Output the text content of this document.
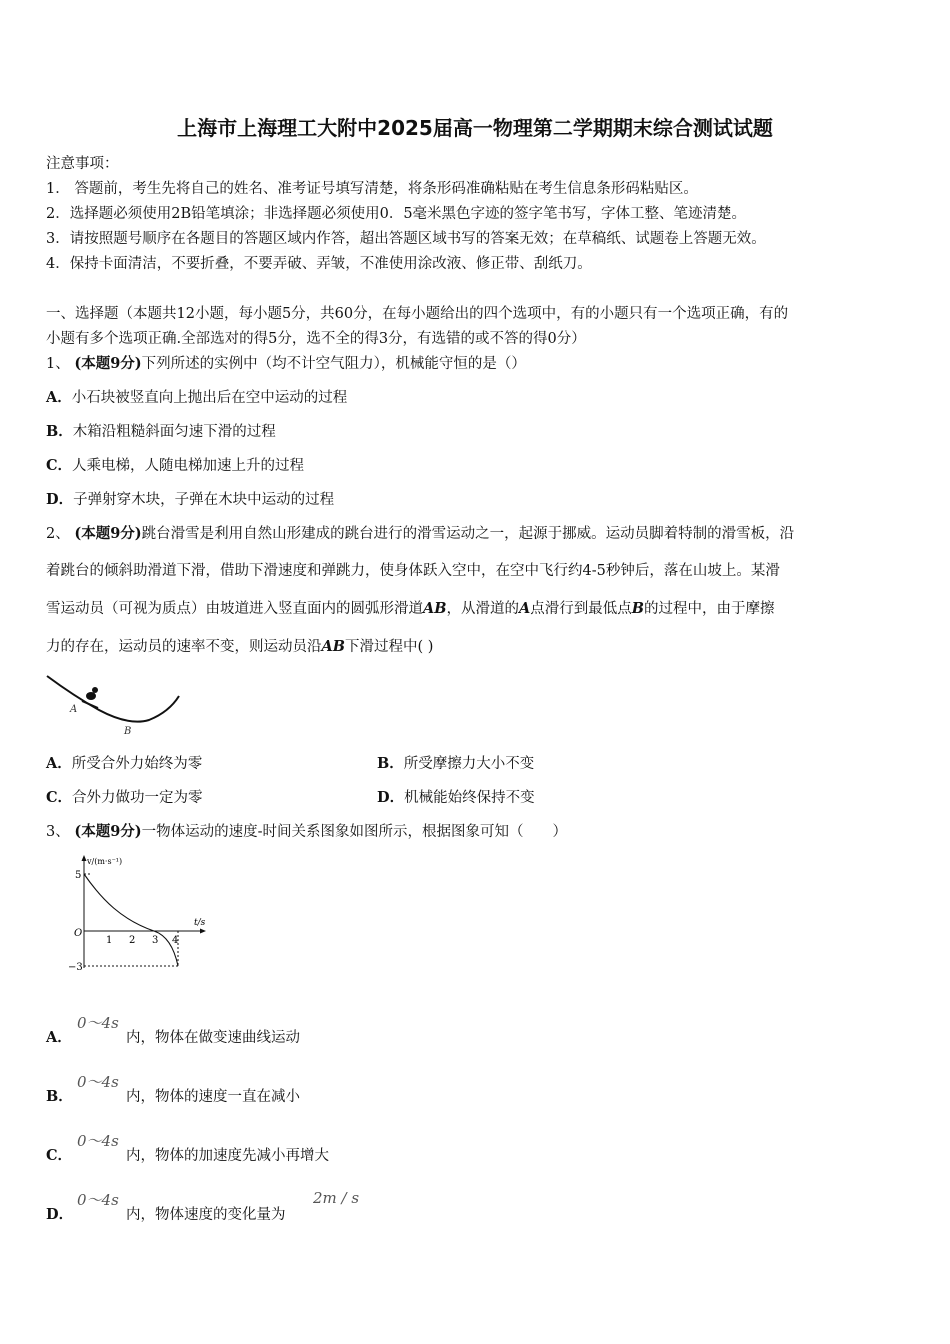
上海市上海理工大附中2025届高一物理第二学期期末综合测试试题
注意事项：
1． 答题前，考生先将自己的姓名、准考证号填写清楚，将条形码准确粘贴在考生信息条形码粘贴区。
2．选择题必须使用2B铅笔填涂；非选择题必须使用0．5毫米黑色字迹的签字笔书写，字体工整、笔迹清楚。
3．请按照题号顺序在各题目的答题区域内作答，超出答题区域书写的答案无效；在草稿纸、试题卷上答题无效。
4．保持卡面清洁，不要折叠，不要弄破、弄皱，不准使用涂改液、修正带、刮纸刀。
一、选择题（本题共12小题，每小题5分，共60分，在每小题给出的四个选项中，有的小题只有一个选项正确，有的
小题有多个选项正确.全部选对的得5分，选不全的得3分，有选错的或不答的得0分）
1、 (本题9分)下列所述的实例中（均不计空气阻力），机械能守恒的是（）
A．小石块被竖直向上抛出后在空中运动的过程
B．木箱沿粗糙斜面匀速下滑的过程
C．人乘电梯，人随电梯加速上升的过程
D．子弹射穿木块，子弹在木块中运动的过程
2、 (本题9分)跳台滑雪是利用自然山形建成的跳台进行的滑雪运动之一，起源于挪威。运动员脚着特制的滑雪板，沿
着跳台的倾斜助滑道下滑，借助下滑速度和弹跳力，使身体跃入空中，在空中飞行约4-5秒钟后，落在山坡上。某滑
雪运动员（可视为质点）由坡道进入竖直面内的圆弧形滑道AB，从滑道的A点滑行到最低点B的过程中，由于摩擦
力的存在，运动员的速率不变，则运动员沿AB下滑过程中( )
A
B
A．所受合外力始终为零	B．所受摩擦力大小不变
C．合外力做功一定为零	D．机械能始终保持不变
3、 (本题9分)一物体运动的速度-时间关系图象如图所示，根据图象可知（　　）
v/(m·s⁻¹)
t/s
5
O
−3
1 2 3 4
A．
0～4s
内，物体在做变速曲线运动
B．
0～4s
内，物体的速度一直在减小
C．
0～4s
内，物体的加速度先减小再增大
D．
0～4s
内，物体速度的变化量为
2m / s
